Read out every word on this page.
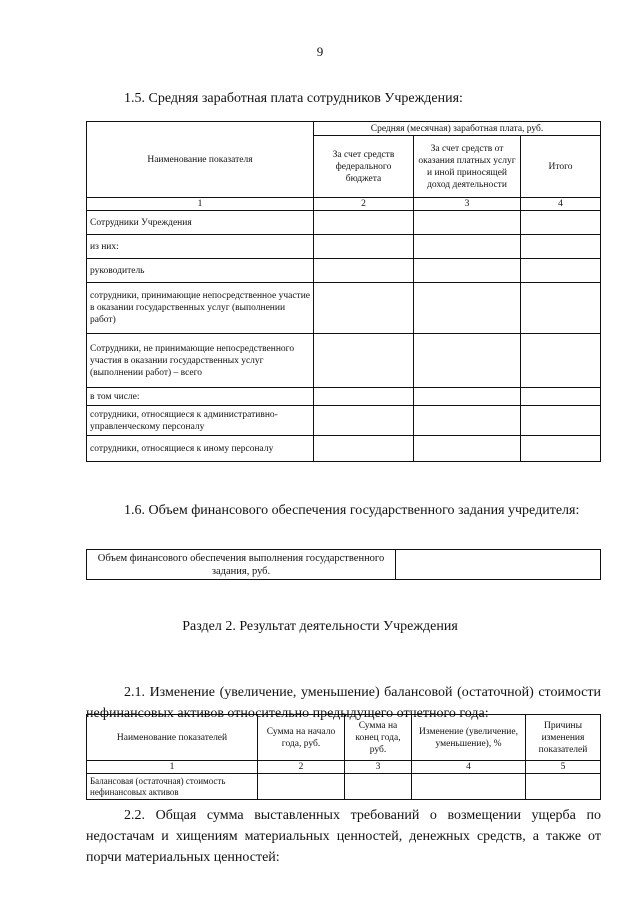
9
1.5. Средняя заработная плата сотрудников Учреждения:
Наименование показателя	Средняя (месячная) заработная плата, руб.		
	За счет средств федерального бюджета	За счет средств от оказания платных услуг и иной приносящей доход деятельности	Итого
1	2	3	4
Сотрудники Учреждения			
из них:			
руководитель			
сотрудники, принимающие непосредственное участие в оказании государственных услуг (выполнении работ)			
Сотрудники, не принимающие непосредственного участия в оказании государственных услуг (выполнении работ) – всего			
в том числе:			
сотрудники, относящиеся к административно-управленческому персоналу			
сотрудники, относящиеся к иному персоналу			
1.6. Объем финансового обеспечения государственного задания учредителя:
Объем финансового обеспечения выполнения государственного задания, руб.	
Раздел 2. Результат деятельности Учреждения
2.1. Изменение (увеличение, уменьшение) балансовой (остаточной) стоимости нефинансовых активов относительно предыдущего отчетного года:
Наименование показателей	Сумма на начало года, руб.	Сумма на конец года, руб.	Изменение (увеличение, уменьшение), %	Причины изменения показателей
1	2	3	4	5
Балансовая (остаточная) стоимость нефинансовых активов				
2.2. Общая сумма выставленных требований о возмещении ущерба по недостачам и хищениям материальных ценностей, денежных средств, а также от порчи материальных ценностей:
